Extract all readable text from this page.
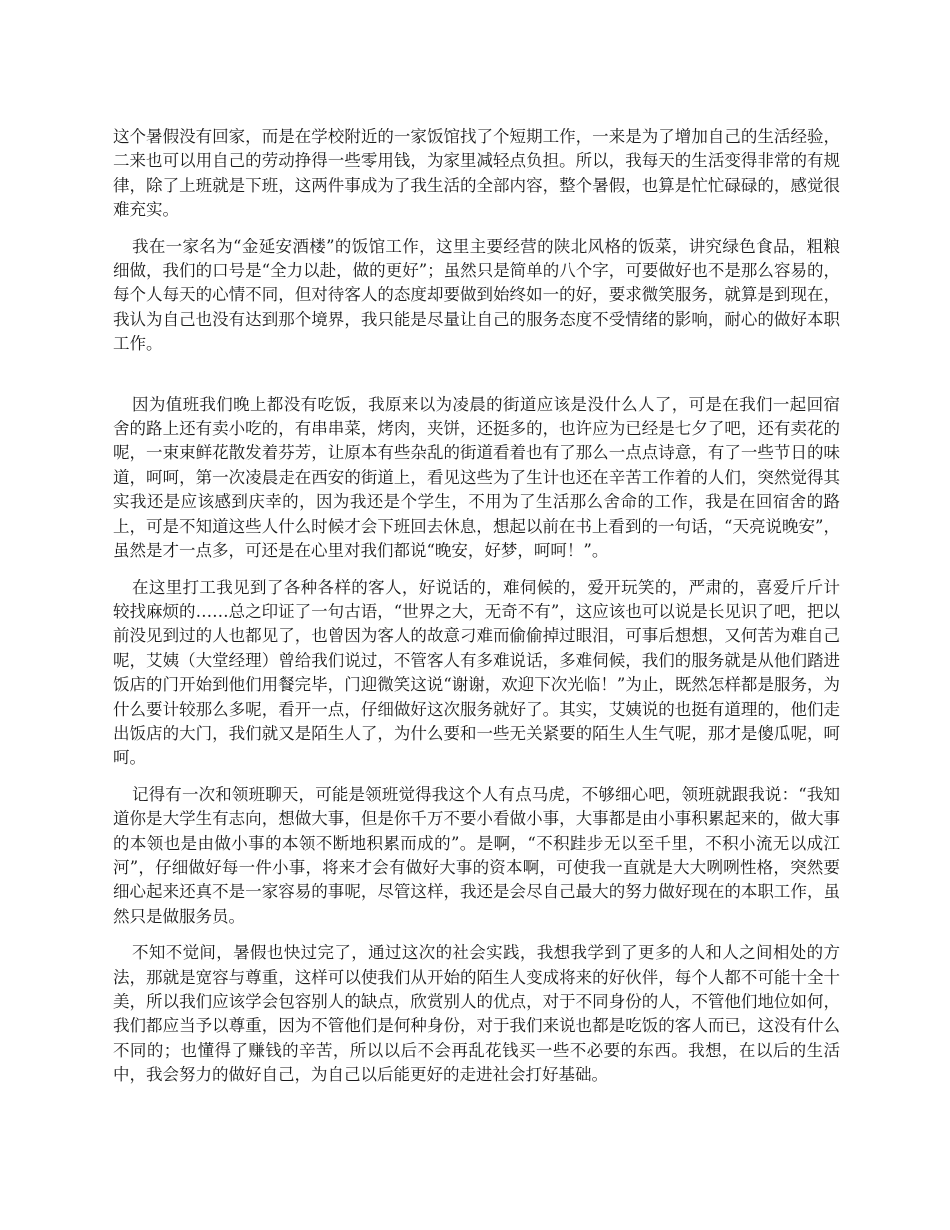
这个暑假没有回家，而是在学校附近的一家饭馆找了个短期工作，一来是为了增加自己的生活经验，二来也可以用自己的劳动挣得一些零用钱，为家里减轻点负担。所以，我每天的生活变得非常的有规律，除了上班就是下班，这两件事成为了我生活的全部内容，整个暑假，也算是忙忙碌碌的，感觉很难充实。

我在一家名为“金延安酒楼”的饭馆工作，这里主要经营的陕北风格的饭菜，讲究绿色食品，粗粮细做，我们的口号是“全力以赴，做的更好”；虽然只是简单的八个字，可要做好也不是那么容易的，每个人每天的心情不同，但对待客人的态度却要做到始终如一的好，要求微笑服务，就算是到现在，我认为自己也没有达到那个境界，我只能是尽量让自己的服务态度不受情绪的影响，耐心的做好本职工作。

因为值班我们晚上都没有吃饭，我原来以为凌晨的街道应该是没什么人了，可是在我们一起回宿舍的路上还有卖小吃的，有串串菜，烤肉，夹饼，还挺多的，也许应为已经是七夕了吧，还有卖花的呢，一束束鲜花散发着芬芳，让原本有些杂乱的街道看着也有了那么一点点诗意，有了一些节日的味道，呵呵，第一次凌晨走在西安的街道上，看见这些为了生计也还在辛苦工作着的人们，突然觉得其实我还是应该感到庆幸的，因为我还是个学生，不用为了生活那么舍命的工作，我是在回宿舍的路上，可是不知道这些人什么时候才会下班回去休息，想起以前在书上看到的一句话，“天亮说晚安”，虽然是才一点多，可还是在心里对我们都说“晚安，好梦，呵呵！”。

在这里打工我见到了各种各样的客人，好说话的，难伺候的，爱开玩笑的，严肃的，喜爱斤斤计较找麻烦的……总之印证了一句古语，“世界之大，无奇不有”，这应该也可以说是长见识了吧，把以前没见到过的人也都见了，也曾因为客人的故意刁难而偷偷掉过眼泪，可事后想想，又何苦为难自己呢，艾姨（大堂经理）曾给我们说过，不管客人有多难说话，多难伺候，我们的服务就是从他们踏进饭店的门开始到他们用餐完毕，门迎微笑这说“谢谢，欢迎下次光临！”为止，既然怎样都是服务，为什么要计较那么多呢，看开一点，仔细做好这次服务就好了。其实，艾姨说的也挺有道理的，他们走出饭店的大门，我们就又是陌生人了，为什么要和一些无关紧要的陌生人生气呢，那才是傻瓜呢，呵呵。

记得有一次和领班聊天，可能是领班觉得我这个人有点马虎，不够细心吧，领班就跟我说：“我知道你是大学生有志向，想做大事，但是你千万不要小看做小事，大事都是由小事积累起来的，做大事的本领也是由做小事的本领不断地积累而成的”。是啊，“不积跬步无以至千里，不积小流无以成江河”，仔细做好每一件小事，将来才会有做好大事的资本啊，可使我一直就是大大咧咧性格，突然要细心起来还真不是一家容易的事呢，尽管这样，我还是会尽自己最大的努力做好现在的本职工作，虽然只是做服务员。

不知不觉间，暑假也快过完了，通过这次的社会实践，我想我学到了更多的人和人之间相处的方法，那就是宽容与尊重，这样可以使我们从开始的陌生人变成将来的好伙伴，每个人都不可能十全十美，所以我们应该学会包容别人的缺点，欣赏别人的优点，对于不同身份的人，不管他们地位如何，我们都应当予以尊重，因为不管他们是何种身份，对于我们来说也都是吃饭的客人而已，这没有什么不同的；也懂得了赚钱的辛苦，所以以后不会再乱花钱买一些不必要的东西。我想，在以后的生活中，我会努力的做好自己，为自己以后能更好的走进社会打好基础。
